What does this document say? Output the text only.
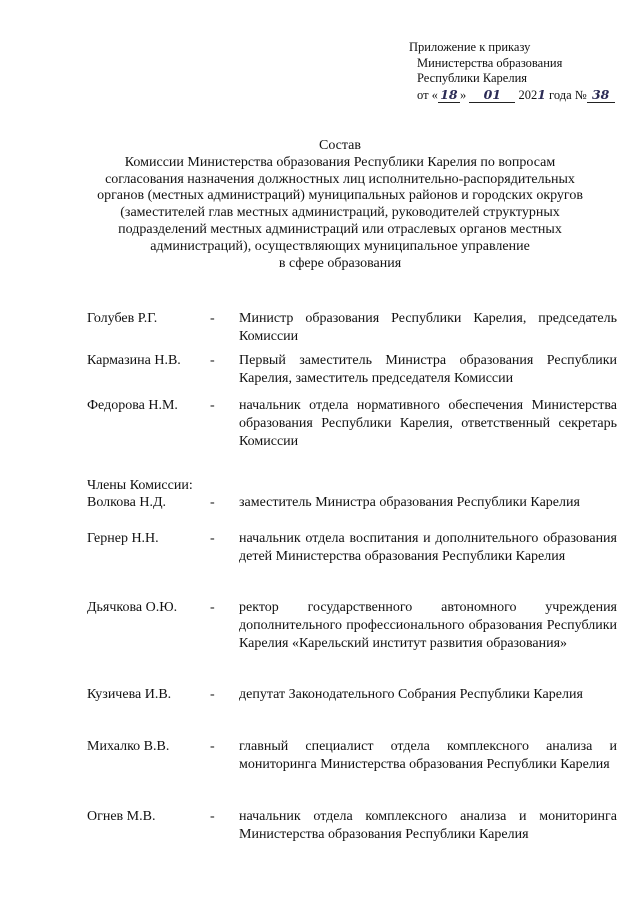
Приложение к приказу
Министерства образования
Республики Карелия
от « 18 » 01 2021 года № 38

Состав

Комиссии Министерства образования Республики Карелия по вопросам

согласования назначения должностных лиц исполнительно-распорядительных

органов (местных администраций) муниципальных районов и городских округов

(заместителей глав местных администраций, руководителей структурных

подразделений местных администраций или отраслевых органов местных

администраций), осуществляющих муниципальное управление

в сфере образования

Голубев Р.Г.	- Министр образования Республики Карелия, председатель Комиссии
Кармазина Н.В. - Первый заместитель Министра образования Республики Карелия, заместитель председателя Комиссии
Федорова Н.М. - начальник отдела нормативного обеспечения Министерства образования Республики Карелия, ответственный секретарь Комиссии
Члены Комиссии:
Волкова Н.Д.	- заместитель Министра образования Республики Карелия
Гернер Н.Н.	- начальник отдела воспитания и дополнительного образования детей Министерства образования Республики Карелия
Дьячкова О.Ю. - ректор государственного автономного учреждения дополнительного профессионального образования Республики Карелия «Карельский институт развития образования»
Кузичева И.В.	- депутат Законодательного Собрания Республики Карелия
Михалко В.В.	- главный специалист отдела комплексного анализа и мониторинга Министерства образования Республики Карелия
Огнев М.В.	- начальник отдела комплексного анализа и мониторинга Министерства образования Республики Карелия
